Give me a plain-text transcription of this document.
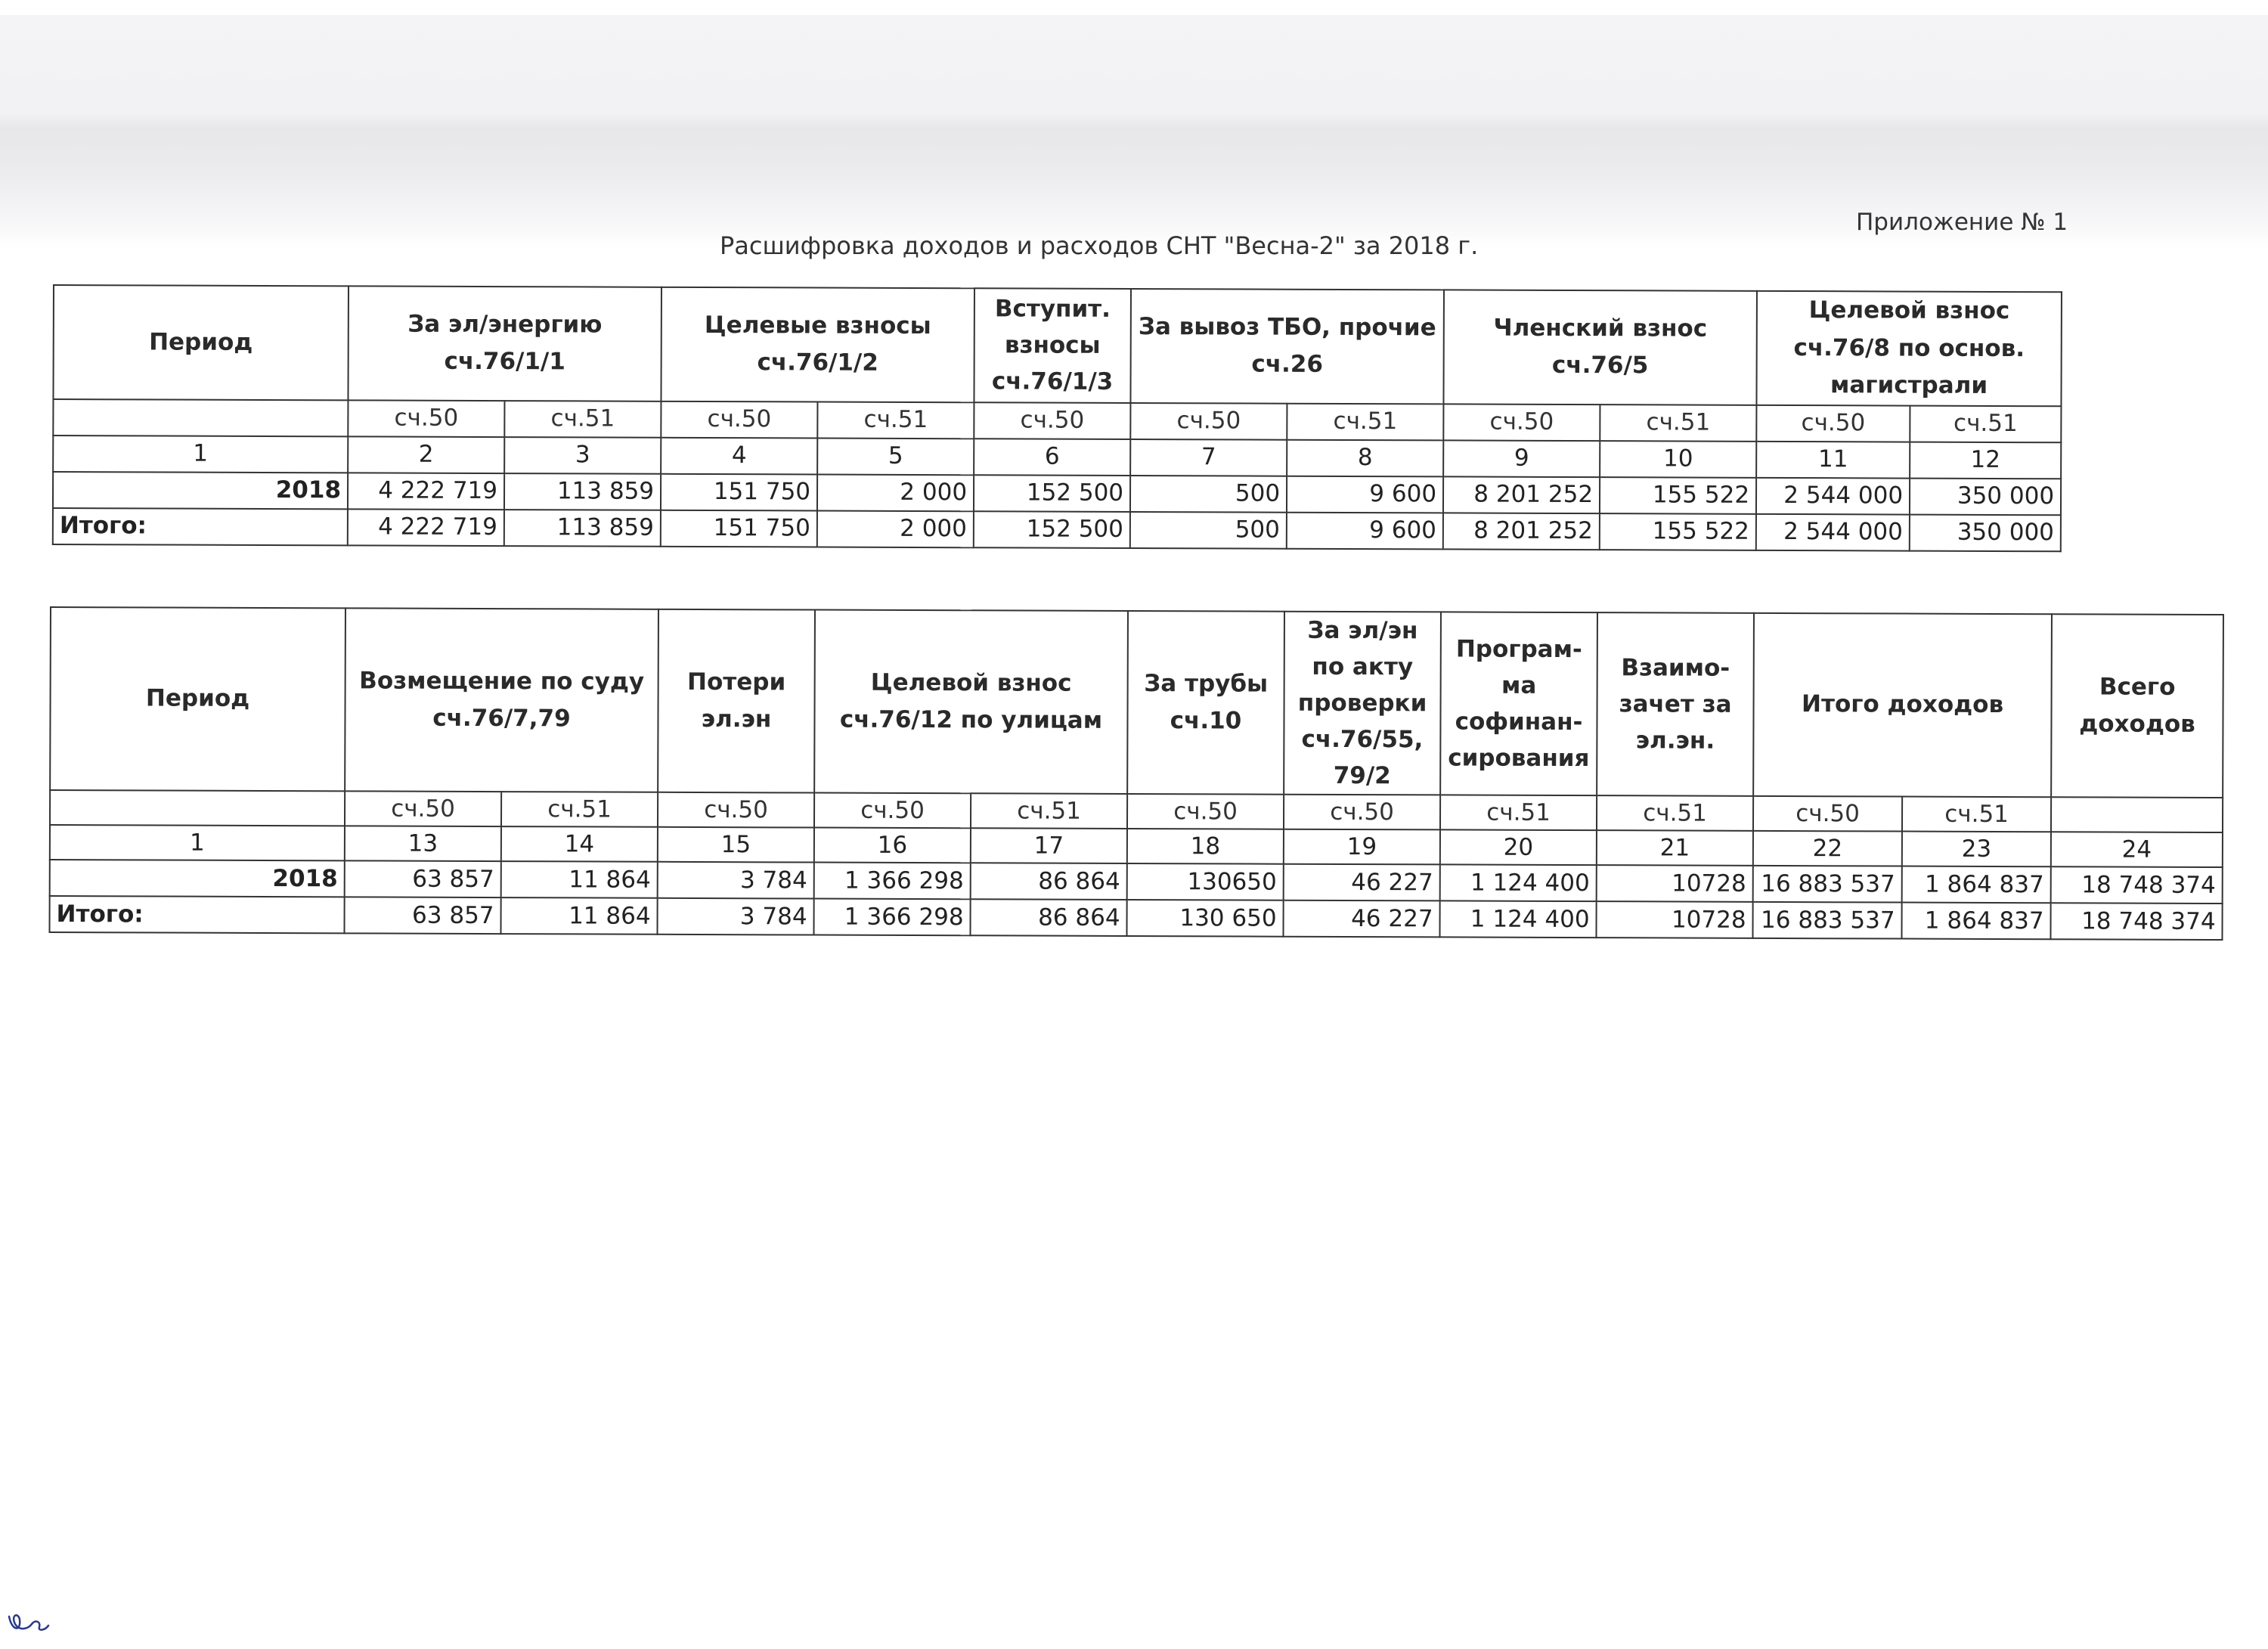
Приложение № 1
Расшифровка доходов и расходов СНТ "Весна-2" за 2018 г.
Период	За эл/энергию сч.76/1/1		Целевые взносы сч.76/1/2		Вступит. взносы сч.76/1/3	За вывоз ТБО, прочие сч.26		Членский взнос сч.76/5		Целевой взнос сч.76/8 по основ. магистрали	
	сч.50	сч.51	сч.50	сч.51	сч.50	сч.50	сч.51	сч.50	сч.51	сч.50	сч.51
1	2	3	4	5	6	7	8	9	10	11	12
2018	4 222 719	113 859	151 750	2 000	152 500	500	9 600	8 201 252	155 522	2 544 000	350 000
Итого:	4 222 719	113 859	151 750	2 000	152 500	500	9 600	8 201 252	155 522	2 544 000	350 000
Период	Возмещение по суду сч.76/7,79		Потери эл.эн	Целевой взнос сч.76/12 по улицам		За трубы сч.10	За эл/эн по акту проверки сч.76/55, 79/2	Програм-ма софинан-сирования	Взаимо-зачет за эл.эн.	Итого доходов		Всего доходов
	сч.50	сч.51	сч.50	сч.50	сч.51	сч.50	сч.50	сч.51	сч.51	сч.50	сч.51	
1	13	14	15	16	17	18	19	20	21	22	23	24
2018	63 857	11 864	3 784	1 366 298	86 864	130650	46 227	1 124 400	10728	16 883 537	1 864 837	18 748 374
Итого:	63 857	11 864	3 784	1 366 298	86 864	130 650	46 227	1 124 400	10728	16 883 537	1 864 837	18 748 374
